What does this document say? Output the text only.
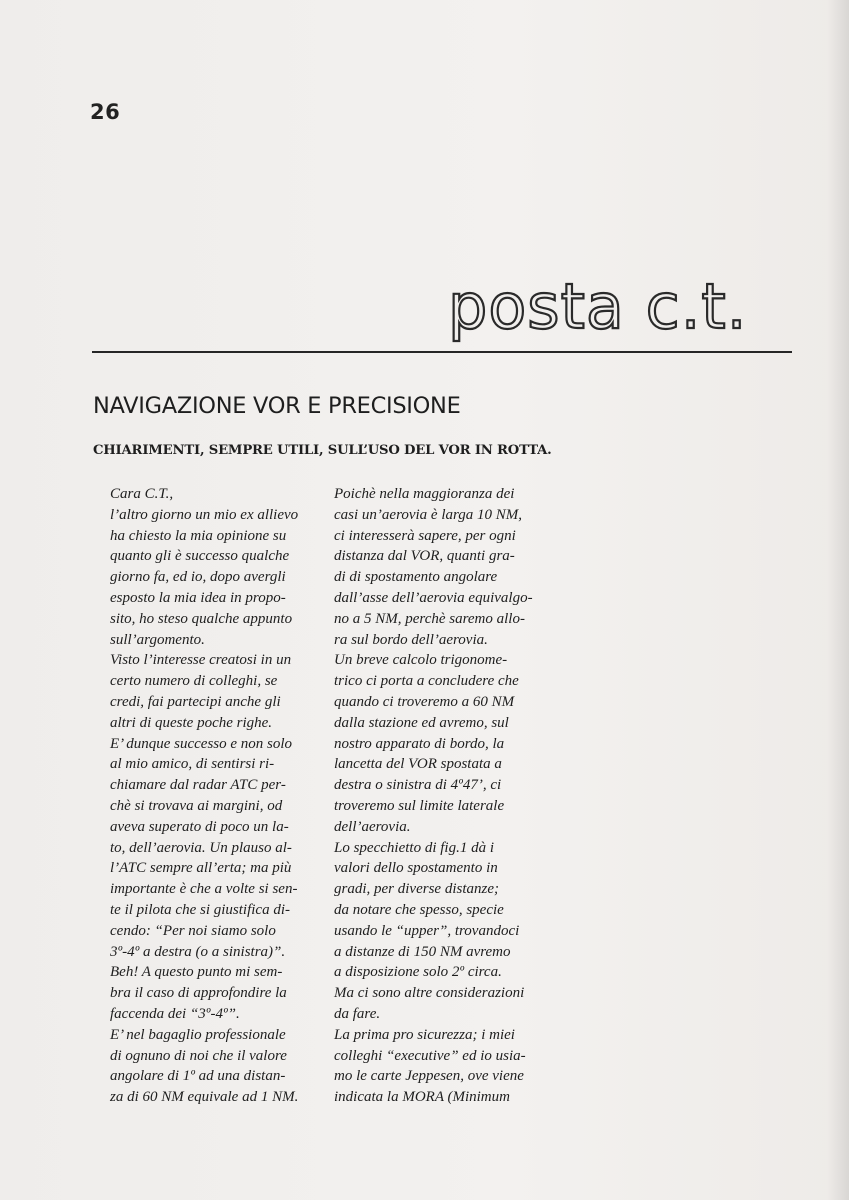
26
posta c.t.
NAVIGAZIONE VOR E PRECISIONE
CHIARIMENTI, SEMPRE UTILI, SULL’USO DEL VOR IN ROTTA.

Cara C.T.,
l’altro giorno un mio ex allievo
ha chiesto la mia opinione su
quanto gli è successo qualche
giorno fa, ed io, dopo avergli
esposto la mia idea in propo-
sito, ho steso qualche appunto
sull’argomento.

Visto l’interesse creatosi in un
certo numero di colleghi, se
credi, fai partecipi anche gli
altri di queste poche righe.

E’ dunque successo e non solo
al mio amico, di sentirsi ri-
chiamare dal radar ATC per-
chè si trovava ai margini, od
aveva superato di poco un la-
to, dell’aerovia. Un plauso al-
l’ATC sempre all’erta; ma più
importante è che a volte si sen-
te il pilota che si giustifica di-
cendo: “Per noi siamo solo
3º-4º a destra (o a sinistra)”.
Beh! A questo punto mi sem-
bra il caso di approfondire la
faccenda dei “3º-4º”.

E’ nel bagaglio professionale
di ognuno di noi che il valore
angolare di 1º ad una distan-
za di 60 NM equivale ad 1 NM.

Poichè nella maggioranza dei
casi un’aerovia è larga 10 NM,
ci interesserà sapere, per ogni
distanza dal VOR, quanti gra-
di di spostamento angolare
dall’asse dell’aerovia equivalgo-
no a 5 NM, perchè saremo allo-
ra sul bordo dell’aerovia.

Un breve calcolo trigonome-
trico ci porta a concludere che
quando ci troveremo a 60 NM
dalla stazione ed avremo, sul
nostro apparato di bordo, la
lancetta del VOR spostata a
destra o sinistra di 4º47’, ci
troveremo sul limite laterale
dell’aerovia.

Lo specchietto di fig.1 dà i
valori dello spostamento in
gradi, per diverse distanze;
da notare che spesso, specie
usando le “upper”, trovandoci
a distanze di 150 NM avremo
a disposizione solo 2º circa.

Ma ci sono altre considerazioni
da fare.

La prima pro sicurezza; i miei
colleghi “executive” ed io usia-
mo le carte Jeppesen, ove viene
indicata la MORA (Minimum
